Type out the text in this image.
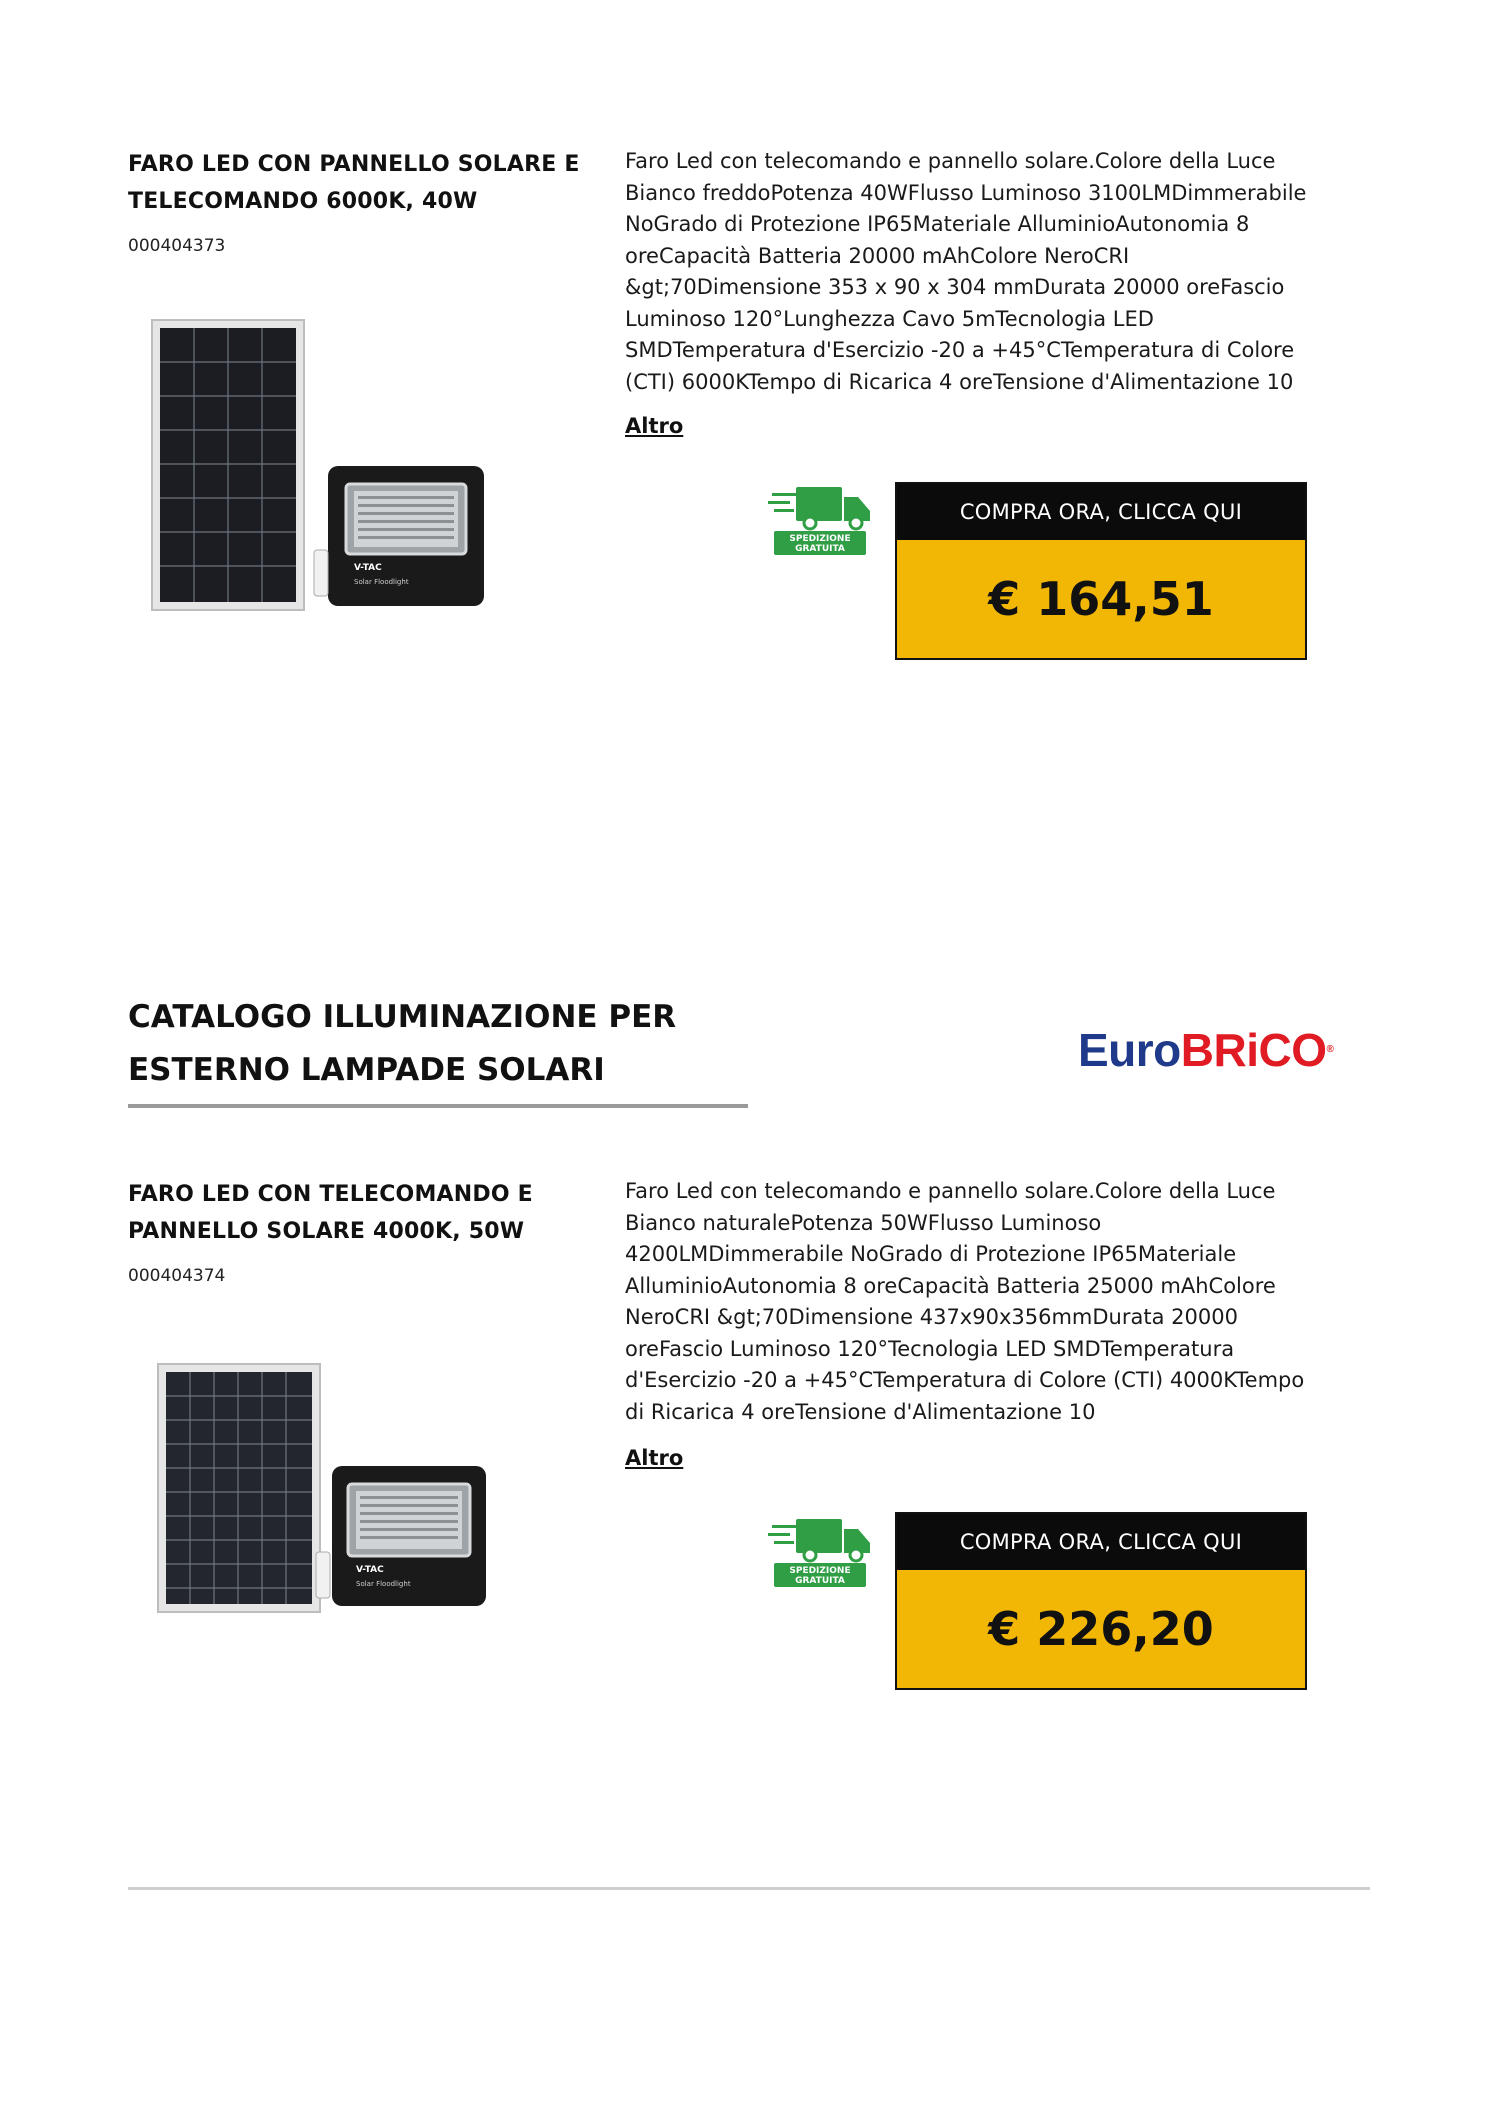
FARO LED CON PANNELLO SOLARE E TELECOMANDO 6000K, 40W
000404373
V-TAC
Solar Floodlight
Faro Led con telecomando e pannello solare.Colore della Luce Bianco freddoPotenza 40WFlusso Luminoso 3100LMDimmerabile NoGrado di Protezione IP65Materiale AlluminioAutonomia 8 oreCapacità Batteria 20000 mAhColore NeroCRI &gt;70Dimensione 353 x 90 x 304 mmDurata 20000 oreFascio Luminoso 120°Lunghezza Cavo 5mTecnologia LED SMDTemperatura d'Esercizio -20 a +45°CTemperatura di Colore (CTI) 6000KTempo di Ricarica 4 oreTensione d'Alimentazione 10
Altro
SPEDIZIONE
GRATUITA
COMPRA ORA, CLICCA QUI
€ 164,51
CATALOGO ILLUMINAZIONE PER
ESTERNO LAMPADE SOLARI	EuroBRiCO®
FARO LED CON TELECOMANDO E PANNELLO SOLARE 4000K, 50W
000404374
V-TAC
Solar Floodlight
Faro Led con telecomando e pannello solare.Colore della Luce Bianco naturalePotenza 50WFlusso Luminoso 4200LMDimmerabile NoGrado di Protezione IP65Materiale AlluminioAutonomia 8 oreCapacità Batteria 25000 mAhColore NeroCRI &gt;70Dimensione 437x90x356mmDurata 20000 oreFascio Luminoso 120°Tecnologia LED SMDTemperatura d'Esercizio -20 a +45°CTemperatura di Colore (CTI) 4000KTempo di Ricarica 4 oreTensione d'Alimentazione 10
Altro
SPEDIZIONE
GRATUITA
COMPRA ORA, CLICCA QUI
€ 226,20
